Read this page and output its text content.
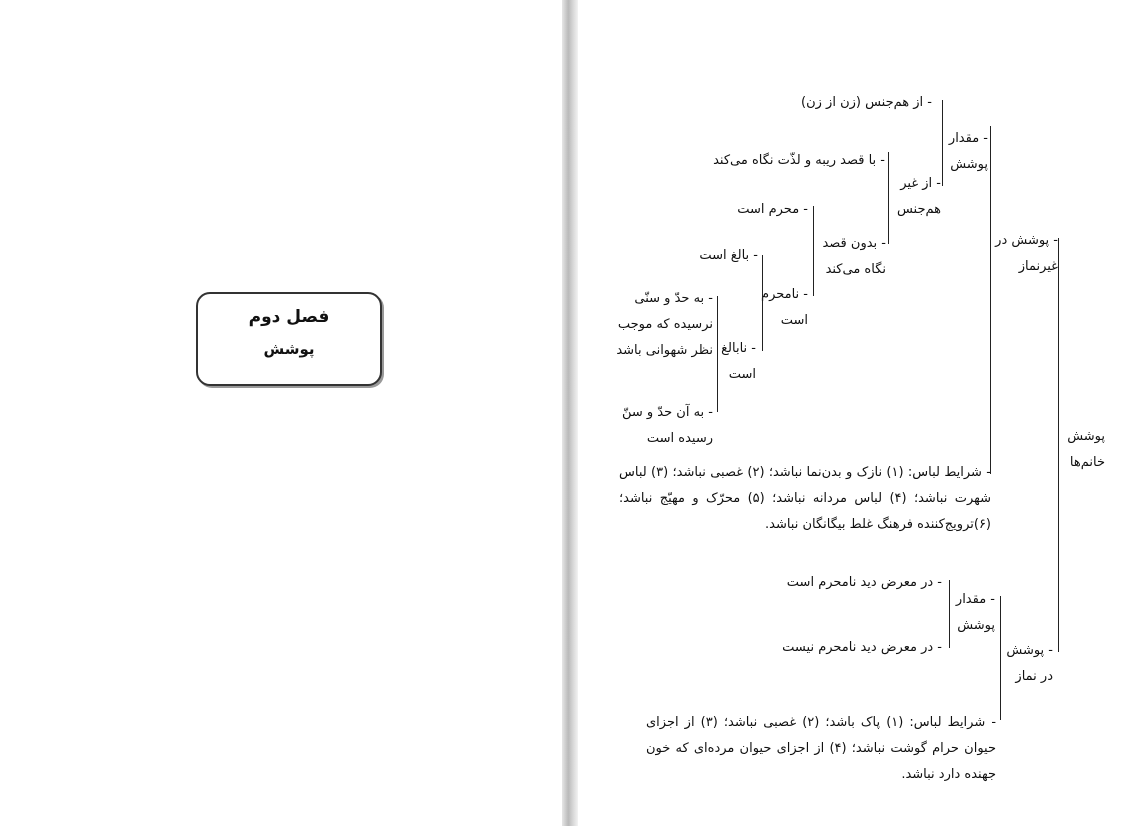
فصل دوم
پوشش
پوشش خانم‌ها
- پوشش در غیرنماز
- مقدار پوشش
- از هم‌جنس (زن از زن)
- از غیر هم‌جنس
- با قصد ریبه و لذّت نگاه می‌کند
- بدون قصد نگاه می‌کند
- محرم است
- نامحرم است
- بالغ است
- نابالغ است
- به حدّ و سنّی نرسیده که موجب نظر شهوانی باشد
- به آن حدّ و سنّ رسیده است
- شرایط لباس: (۱) نازک و بدن‌نما نباشد؛ (۲) غصبی نباشد؛ (۳) لباس شهرت نباشد؛ (۴) لباس مردانه نباشد؛ (۵) محرّک و مهیّج نباشد؛ (۶)ترویج‌کننده فرهنگ غلط بیگانگان نباشد.
- پوشش در نماز
- مقدار پوشش
- در معرض دید نامحرم است
- در معرض دید نامحرم نیست
- شرایط لباس: (۱) پاک باشد؛ (۲) غصبی نباشد؛ (۳) از اجزای حیوان حرام گوشت نباشد؛ (۴) از اجزای حیوان مرده‌ای که خون جهنده دارد نباشد.
